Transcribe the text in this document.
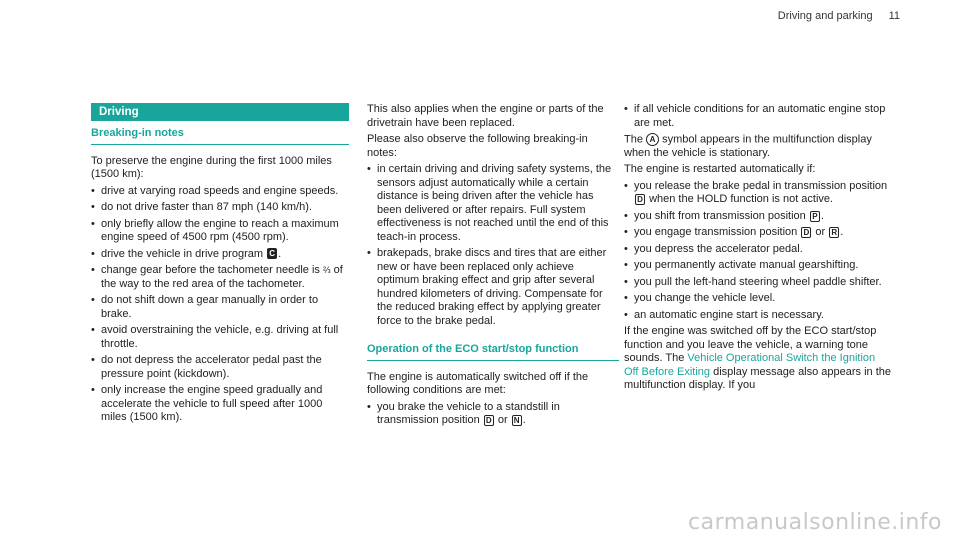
Driving and parking 11
Driving
Breaking-in notes

To preserve the engine during the first 1000 miles (1500 km):

• drive at varying road speeds and engine speeds.
• do not drive faster than 87 mph (140 km/h).
• only briefly allow the engine to reach a maximum engine speed of 4500 rpm (4500 rpm).
• drive the vehicle in drive program C .
• change gear before the tachometer needle is ⅔ of the way to the red area of the tachometer.
• do not shift down a gear manually in order to brake.
• avoid overstraining the vehicle, e.g. driving at full throttle.
• do not depress the accelerator pedal past the pressure point (kickdown).
• only increase the engine speed gradually and accelerate the vehicle to full speed after 1000 miles (1500 km).

This also applies when the engine or parts of the drivetrain have been replaced.

Please also observe the following breaking-in notes:

• in certain driving and driving safety systems, the sensors adjust automatically while a certain distance is being driven after the vehicle has been delivered or after repairs. Full system effectiveness is not reached until the end of this teach-in process.
• brakepads, brake discs and tires that are either new or have been replaced only achieve optimum braking effect and grip after several hundred kilometers of driving. Compensate for the reduced braking effect by applying greater force to the brake pedal.
Operation of the ECO start/stop function

The engine is automatically switched off if the following conditions are met:

• you brake the vehicle to a standstill in transmission position D or N .
• if all vehicle conditions for an automatic engine stop are met.

The A symbol appears in the multifunction display when the vehicle is stationary.

The engine is restarted automatically if:

• you release the brake pedal in transmission position D when the HOLD function is not active.
• you shift from transmission position P .
• you engage transmission position D or R .
• you depress the accelerator pedal.
• you permanently activate manual gearshifting.
• you pull the left-hand steering wheel paddle shifter.
• you change the vehicle level.
• an automatic engine start is necessary.

If the engine was switched off by the ECO start/stop function and you leave the vehicle, a warning tone sounds. The Vehicle Operational Switch the Ignition Off Before Exiting display message also appears in the multifunction display. If you

carmanualsonline.info
